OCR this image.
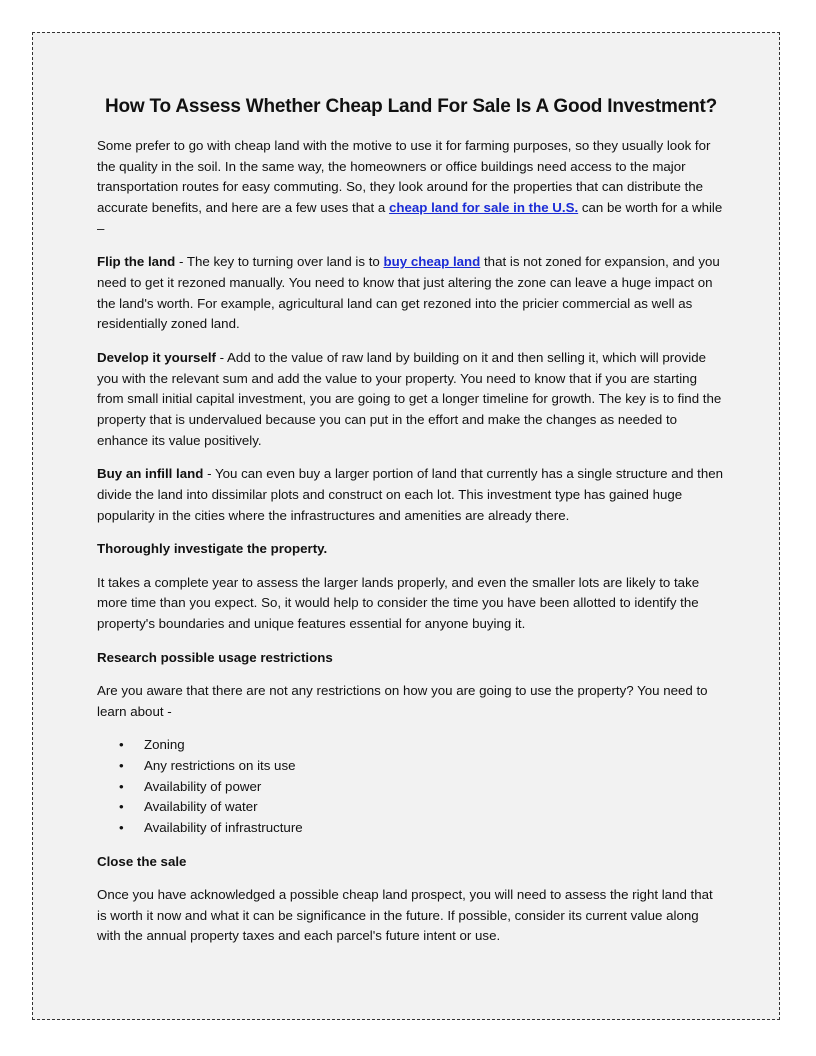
How To Assess Whether Cheap Land For Sale Is A Good Investment?

Some prefer to go with cheap land with the motive to use it for farming purposes, so they usually look for the quality in the soil. In the same way, the homeowners or office buildings need access to the major transportation routes for easy commuting. So, they look around for the properties that can distribute the accurate benefits, and here are a few uses that a cheap land for sale in the U.S. can be worth for a while –

Flip the land - The key to turning over land is to buy cheap land that is not zoned for expansion, and you need to get it rezoned manually. You need to know that just altering the zone can leave a huge impact on the land's worth. For example, agricultural land can get rezoned into the pricier commercial as well as residentially zoned land.

Develop it yourself - Add to the value of raw land by building on it and then selling it, which will provide you with the relevant sum and add the value to your property. You need to know that if you are starting from small initial capital investment, you are going to get a longer timeline for growth. The key is to find the property that is undervalued because you can put in the effort and make the changes as needed to enhance its value positively.

Buy an infill land - You can even buy a larger portion of land that currently has a single structure and then divide the land into dissimilar plots and construct on each lot. This investment type has gained huge popularity in the cities where the infrastructures and amenities are already there.

Thoroughly investigate the property.

It takes a complete year to assess the larger lands properly, and even the smaller lots are likely to take more time than you expect. So, it would help to consider the time you have been allotted to identify the property's boundaries and unique features essential for anyone buying it.

Research possible usage restrictions

Are you aware that there are not any restrictions on how you are going to use the property? You need to learn about -

• Zoning
• Any restrictions on its use
• Availability of power
• Availability of water
• Availability of infrastructure

Close the sale

Once you have acknowledged a possible cheap land prospect, you will need to assess the right land that is worth it now and what it can be significance in the future. If possible, consider its current value along with the annual property taxes and each parcel's future intent or use.
